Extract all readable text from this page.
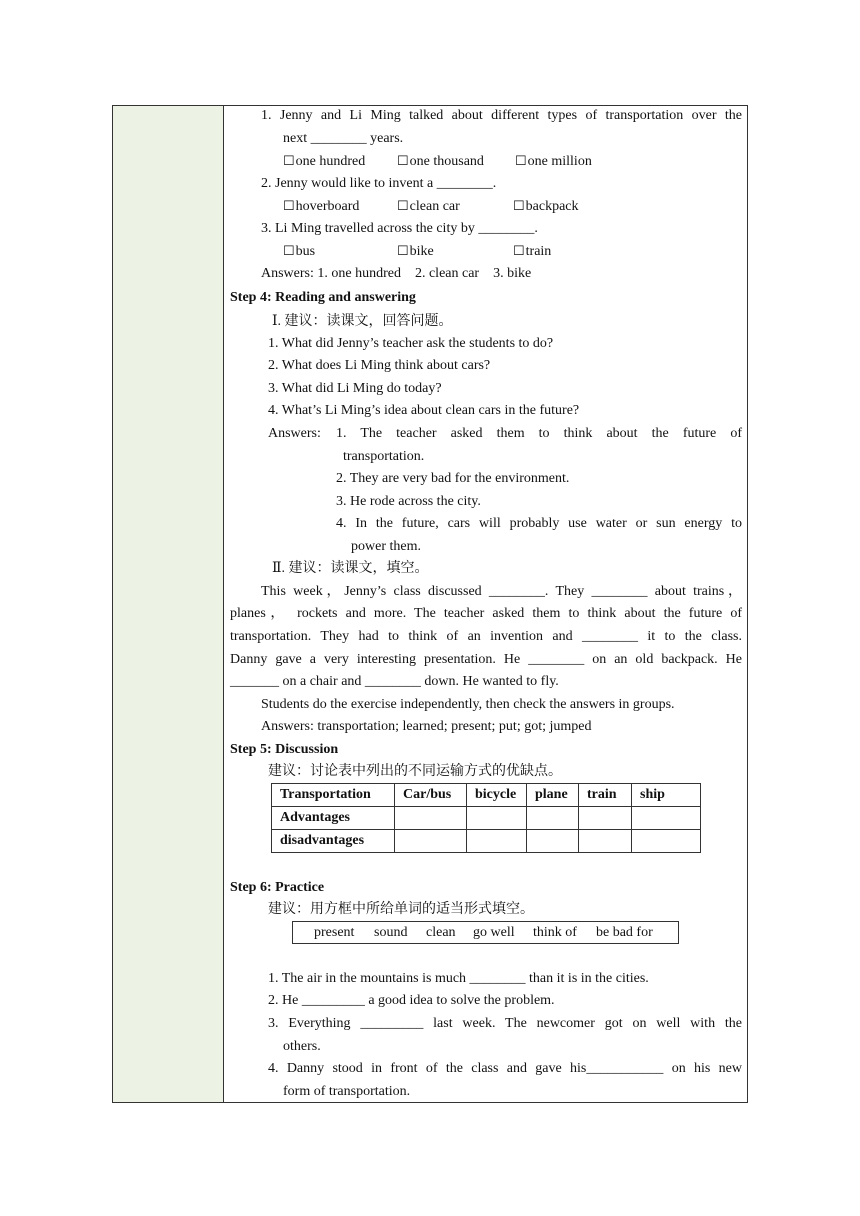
1. Jenny and Li Ming talked about different types of transportation over the
next ________ years.
☐one hundred ☐one thousand ☐one million
2. Jenny would like to invent a ________.
☐hoverboard	☐clean car	☐backpack
3. Li Ming travelled across the city by ________.
☐bus	☐bike	☐train
Answers: 1. one hundred    2. clean car    3. bike
Step 4: Reading and answering
Ⅰ. 建议：读课文，回答问题。
1. What did Jenny’s teacher ask the students to do?
2. What does Li Ming think about cars?
3. What did Li Ming do today?
4. What’s Li Ming’s idea about clean cars in the future?
Answers: 1. The teacher asked them to think about the future of
transportation.
2. They are very bad for the environment.
3. He rode across the city.
4. In the future, cars will probably use water or sun energy to
power them.
Ⅱ. 建议：读课文，填空。
This week，Jenny’s class discussed ________. They ________ about trains，
planes， rockets and more. The teacher asked them to think about the future of
transportation. They had to think of an invention and ________ it to the class.
Danny gave a very interesting presentation. He ________ on an old backpack. He
_______ on a chair and ________ down. He wanted to fly.
Students do the exercise independently, then check the answers in groups.
Answers: transportation; learned; present; put; got; jumped
Step 5: Discussion
建议：讨论表中列出的不同运输方式的优缺点。
Transportation	Car/bus	bicycle	plane	train	ship
Advantages					
disadvantages					
Step 6: Practice
建议：用方框中所给单词的适当形式填空。
present sound clean go well think of be bad for
1. The air in the mountains is much ________ than it is in the cities.
2. He _________ a good idea to solve the problem.
3. Everything _________ last week. The newcomer got on well with the
others.
4. Danny stood in front of the class and gave his___________ on his new
form of transportation.
